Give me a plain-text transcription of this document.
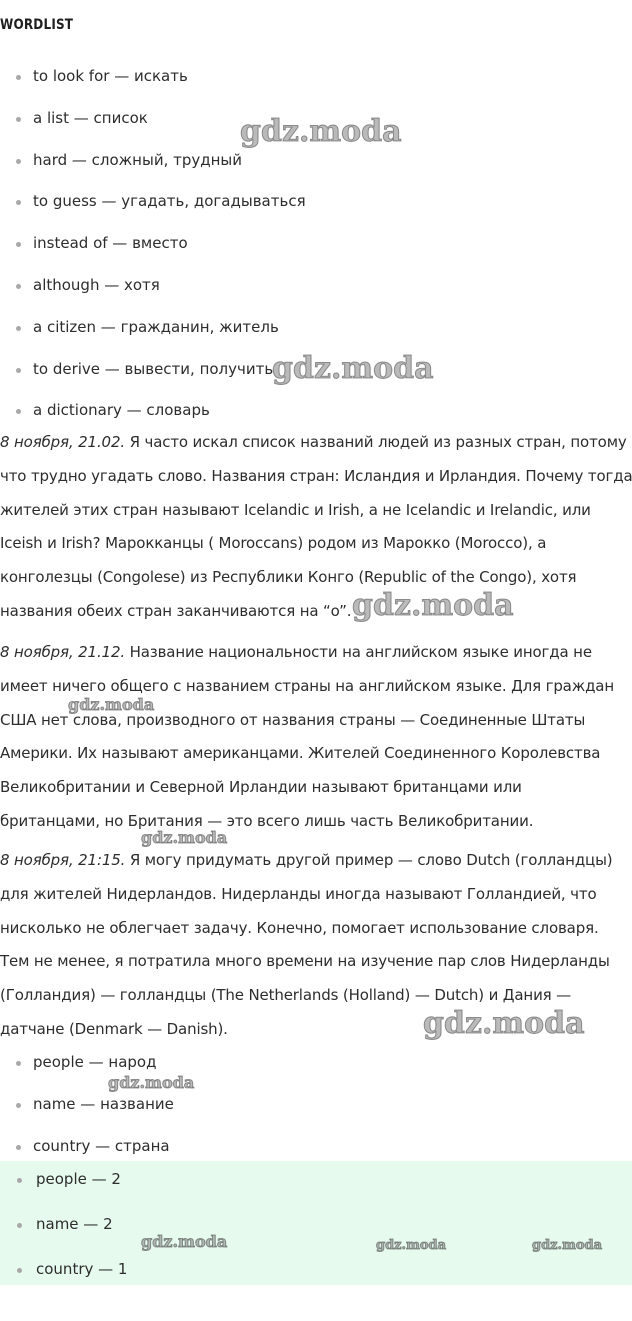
WORDLIST
to look for — искать
a list — список
hard — сложный, трудный
to guess — угадать, догадываться
instead of — вместо
although — хотя
a citizen — гражданин, житель
to derive — вывести, получить
a dictionary — словарь

8 ноября, 21.02. Я часто искал список названий людей из разных стран, потому
что трудно угадать слово. Названия стран: Исландия и Ирландия. Почему тогда
жителей этих стран называют Icelandic и Irish, а не Icelandic и Irelandic, или
Iceish и Irish? Марокканцы ( Moroccans) родом из Марокко (Morocco), а
конголезцы (Congolese) из Республики Конго (Republic of the Congo), хотя
названия обеих стран заканчиваются на “o”.

8 ноября, 21.12. Название национальности на английском языке иногда не
имеет ничего общего с названием страны на английском языке. Для граждан
США нет слова, производного от названия страны — Соединенные Штаты
Америки. Их называют американцами. Жителей Соединенного Королевства
Великобритании и Северной Ирландии называют британцами или
британцами, но Британия — это всего лишь часть Великобритании.

8 ноября, 21:15. Я могу придумать другой пример — слово Dutch (голландцы)
для жителей Нидерландов. Нидерланды иногда называют Голландией, что
нисколько не облегчает задачу. Конечно, помогает использование словаря.
Тем не менее, я потратила много времени на изучение пар слов Нидерланды
(Голландия) — голландцы (The Netherlands (Holland) — Dutch) и Дания —
датчане (Denmark — Danish).

people — народ
name — название
country — страна
people — 2
name — 2
country — 1
gdz.moda
gdz.moda
gdz.moda
gdz.moda
gdz.moda
gdz.moda
gdz.moda
gdz.moda	gdz.moda	gdz.moda
